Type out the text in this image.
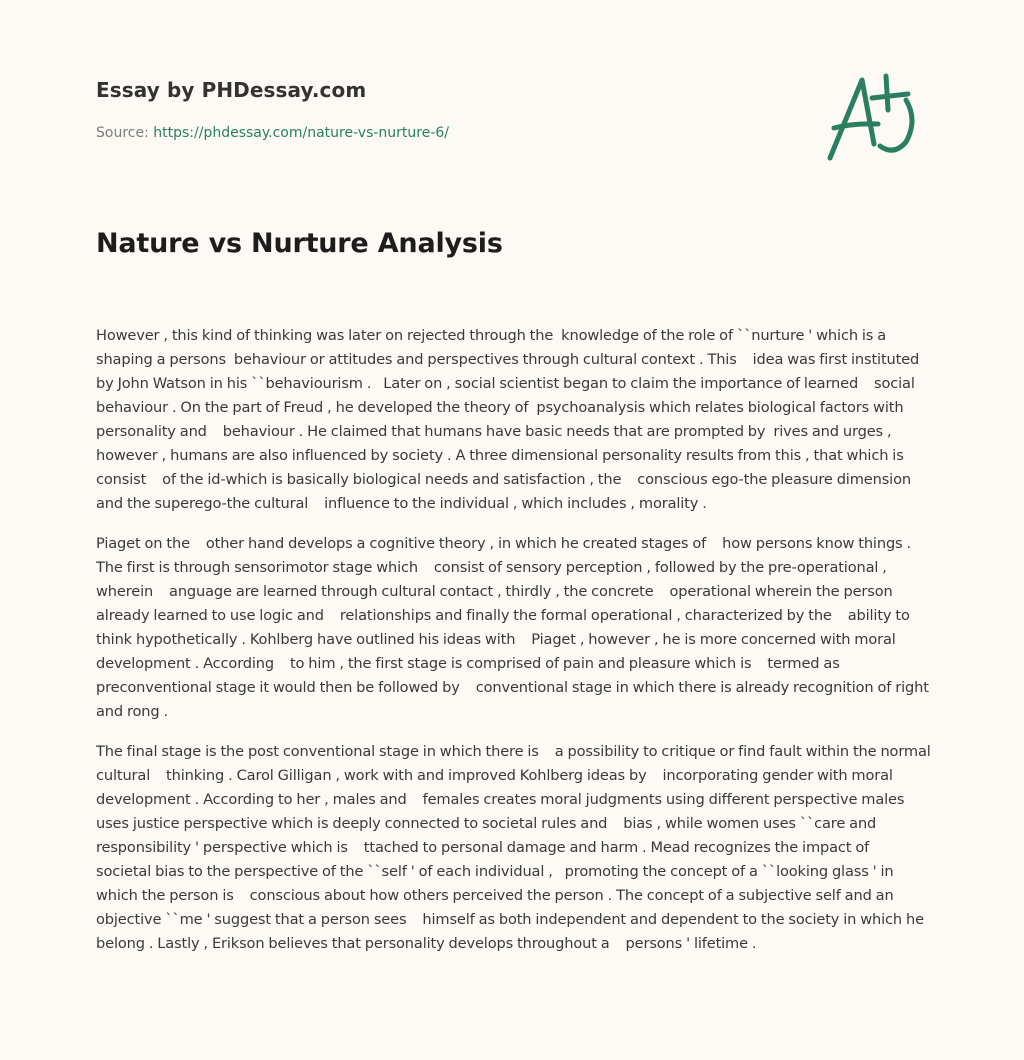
Essay by PHDessay.com
Source: https://phdessay.com/nature-vs-nurture-6/
Nature vs Nurture Analysis

However , this kind of thinking was later on rejected through the  knowledge of the role of ``nurture ' which is a shaping a persons  behaviour or attitudes and perspectives through cultural context . This    idea was first instituted by John Watson in his ``behaviourism .   Later on , social scientist began to claim the importance of learned    social behaviour . On the part of Freud , he developed the theory of  psychoanalysis which relates biological factors with personality and    behaviour . He claimed that humans have basic needs that are prompted by  rives and urges , however , humans are also influenced by society . A three dimensional personality results from this , that which is consist    of the id-which is basically biological needs and satisfaction , the    conscious ego-the pleasure dimension and the superego-the cultural    influence to the individual , which includes , morality .

Piaget on the    other hand develops a cognitive theory , in which he created stages of    how persons know things . The first is through sensorimotor stage which    consist of sensory perception , followed by the pre-operational , wherein    anguage are learned through cultural contact , thirdly , the concrete    operational wherein the person already learned to use logic and    relationships and finally the formal operational , characterized by the    ability to think hypothetically . Kohlberg have outlined his ideas with    Piaget , however , he is more concerned with moral development . According    to him , the first stage is comprised of pain and pleasure which is    termed as preconventional stage it would then be followed by    conventional stage in which there is already recognition of right and rong .

The final stage is the post conventional stage in which there is    a possibility to critique or find fault within the normal cultural    thinking . Carol Gilligan , work with and improved Kohlberg ideas by    incorporating gender with moral development . According to her , males and    females creates moral judgments using different perspective males uses justice perspective which is deeply connected to societal rules and    bias , while women uses ``care and responsibility ' perspective which is    ttached to personal damage and harm . Mead recognizes the impact of    societal bias to the perspective of the ``self ' of each individual ,   promoting the concept of a ``looking glass ' in which the person is    conscious about how others perceived the person . The concept of a subjective self and an objective ``me ' suggest that a person sees    himself as both independent and dependent to the society in which he belong . Lastly , Erikson believes that personality develops throughout a    persons ' lifetime .
